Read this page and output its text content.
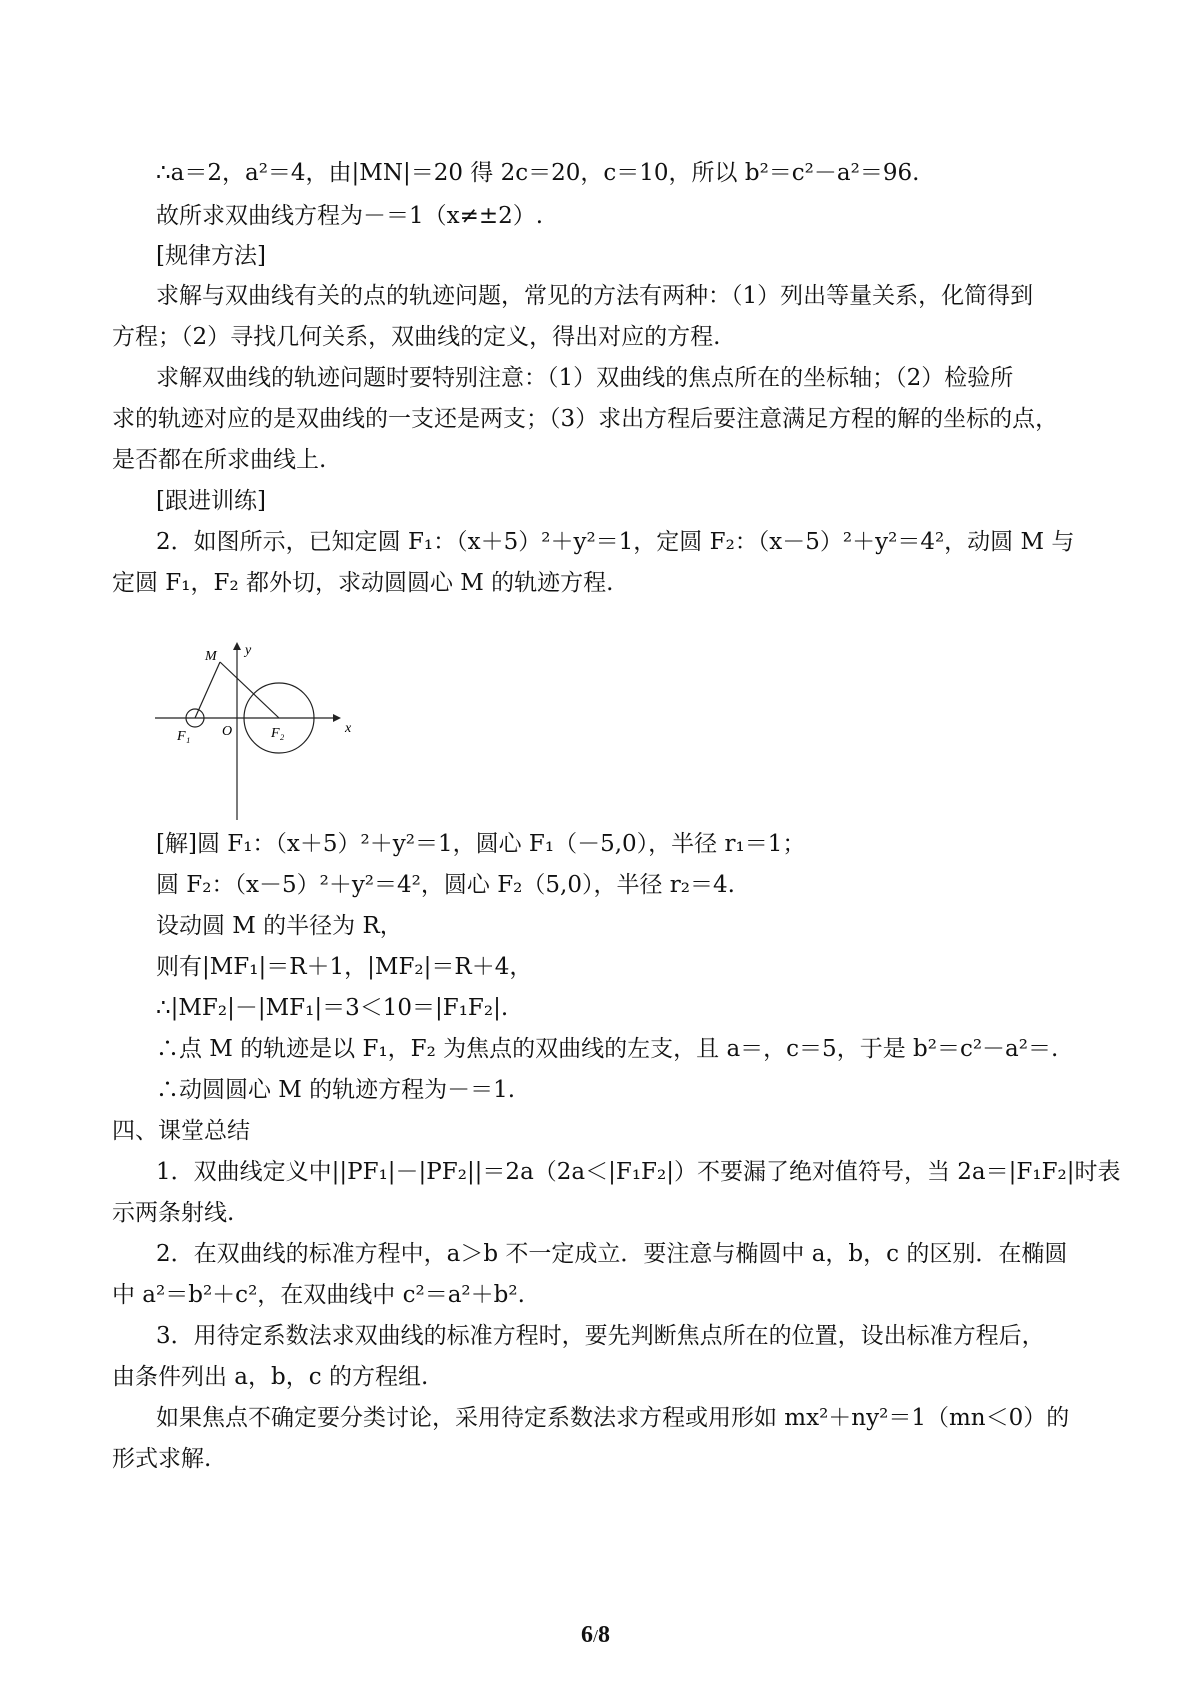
∴a＝2，a²＝4，由|MN|＝20 得 2c＝20，c＝10，所以 b²＝c²－a²＝96.
故所求双曲线方程为－＝1（x≠±2）.
[规律方法]
求解与双曲线有关的点的轨迹问题，常见的方法有两种：（1）列出等量关系，化简得到
方程；（2）寻找几何关系，双曲线的定义，得出对应的方程.
求解双曲线的轨迹问题时要特别注意：（1）双曲线的焦点所在的坐标轴；（2）检验所
求的轨迹对应的是双曲线的一支还是两支；（3）求出方程后要注意满足方程的解的坐标的点，
是否都在所求曲线上.
[跟进训练]
2．如图所示，已知定圆 F₁：（x＋5）²＋y²＝1，定圆 F₂：（x－5）²＋y²＝4²，动圆 M 与
定圆 F₁，F₂ 都外切，求动圆圆心 M 的轨迹方程.
y
x
O
M
F₁	F₂
[解]圆 F₁：（x＋5）²＋y²＝1，圆心 F₁（－5,0），半径 r₁＝1；
圆 F₂：（x－5）²＋y²＝4²，圆心 F₂（5,0），半径 r₂＝4.
设动圆 M 的半径为 R，
则有|MF₁|＝R＋1，|MF₂|＝R＋4，
∴|MF₂|－|MF₁|＝3＜10＝|F₁F₂|.
∴点 M 的轨迹是以 F₁，F₂ 为焦点的双曲线的左支，且 a＝，c＝5，于是 b²＝c²－a²＝.
∴动圆圆心 M 的轨迹方程为－＝1.
四、课堂总结
1．双曲线定义中||PF₁|－|PF₂||＝2a（2a＜|F₁F₂|）不要漏了绝对值符号，当 2a＝|F₁F₂|时表
示两条射线.
2．在双曲线的标准方程中，a＞b 不一定成立．要注意与椭圆中 a，b，c 的区别．在椭圆
中 a²＝b²＋c²，在双曲线中 c²＝a²＋b².
3．用待定系数法求双曲线的标准方程时，要先判断焦点所在的位置，设出标准方程后，
由条件列出 a，b，c 的方程组.
如果焦点不确定要分类讨论，采用待定系数法求方程或用形如 mx²＋ny²＝1（mn＜0）的
形式求解.
6/8
